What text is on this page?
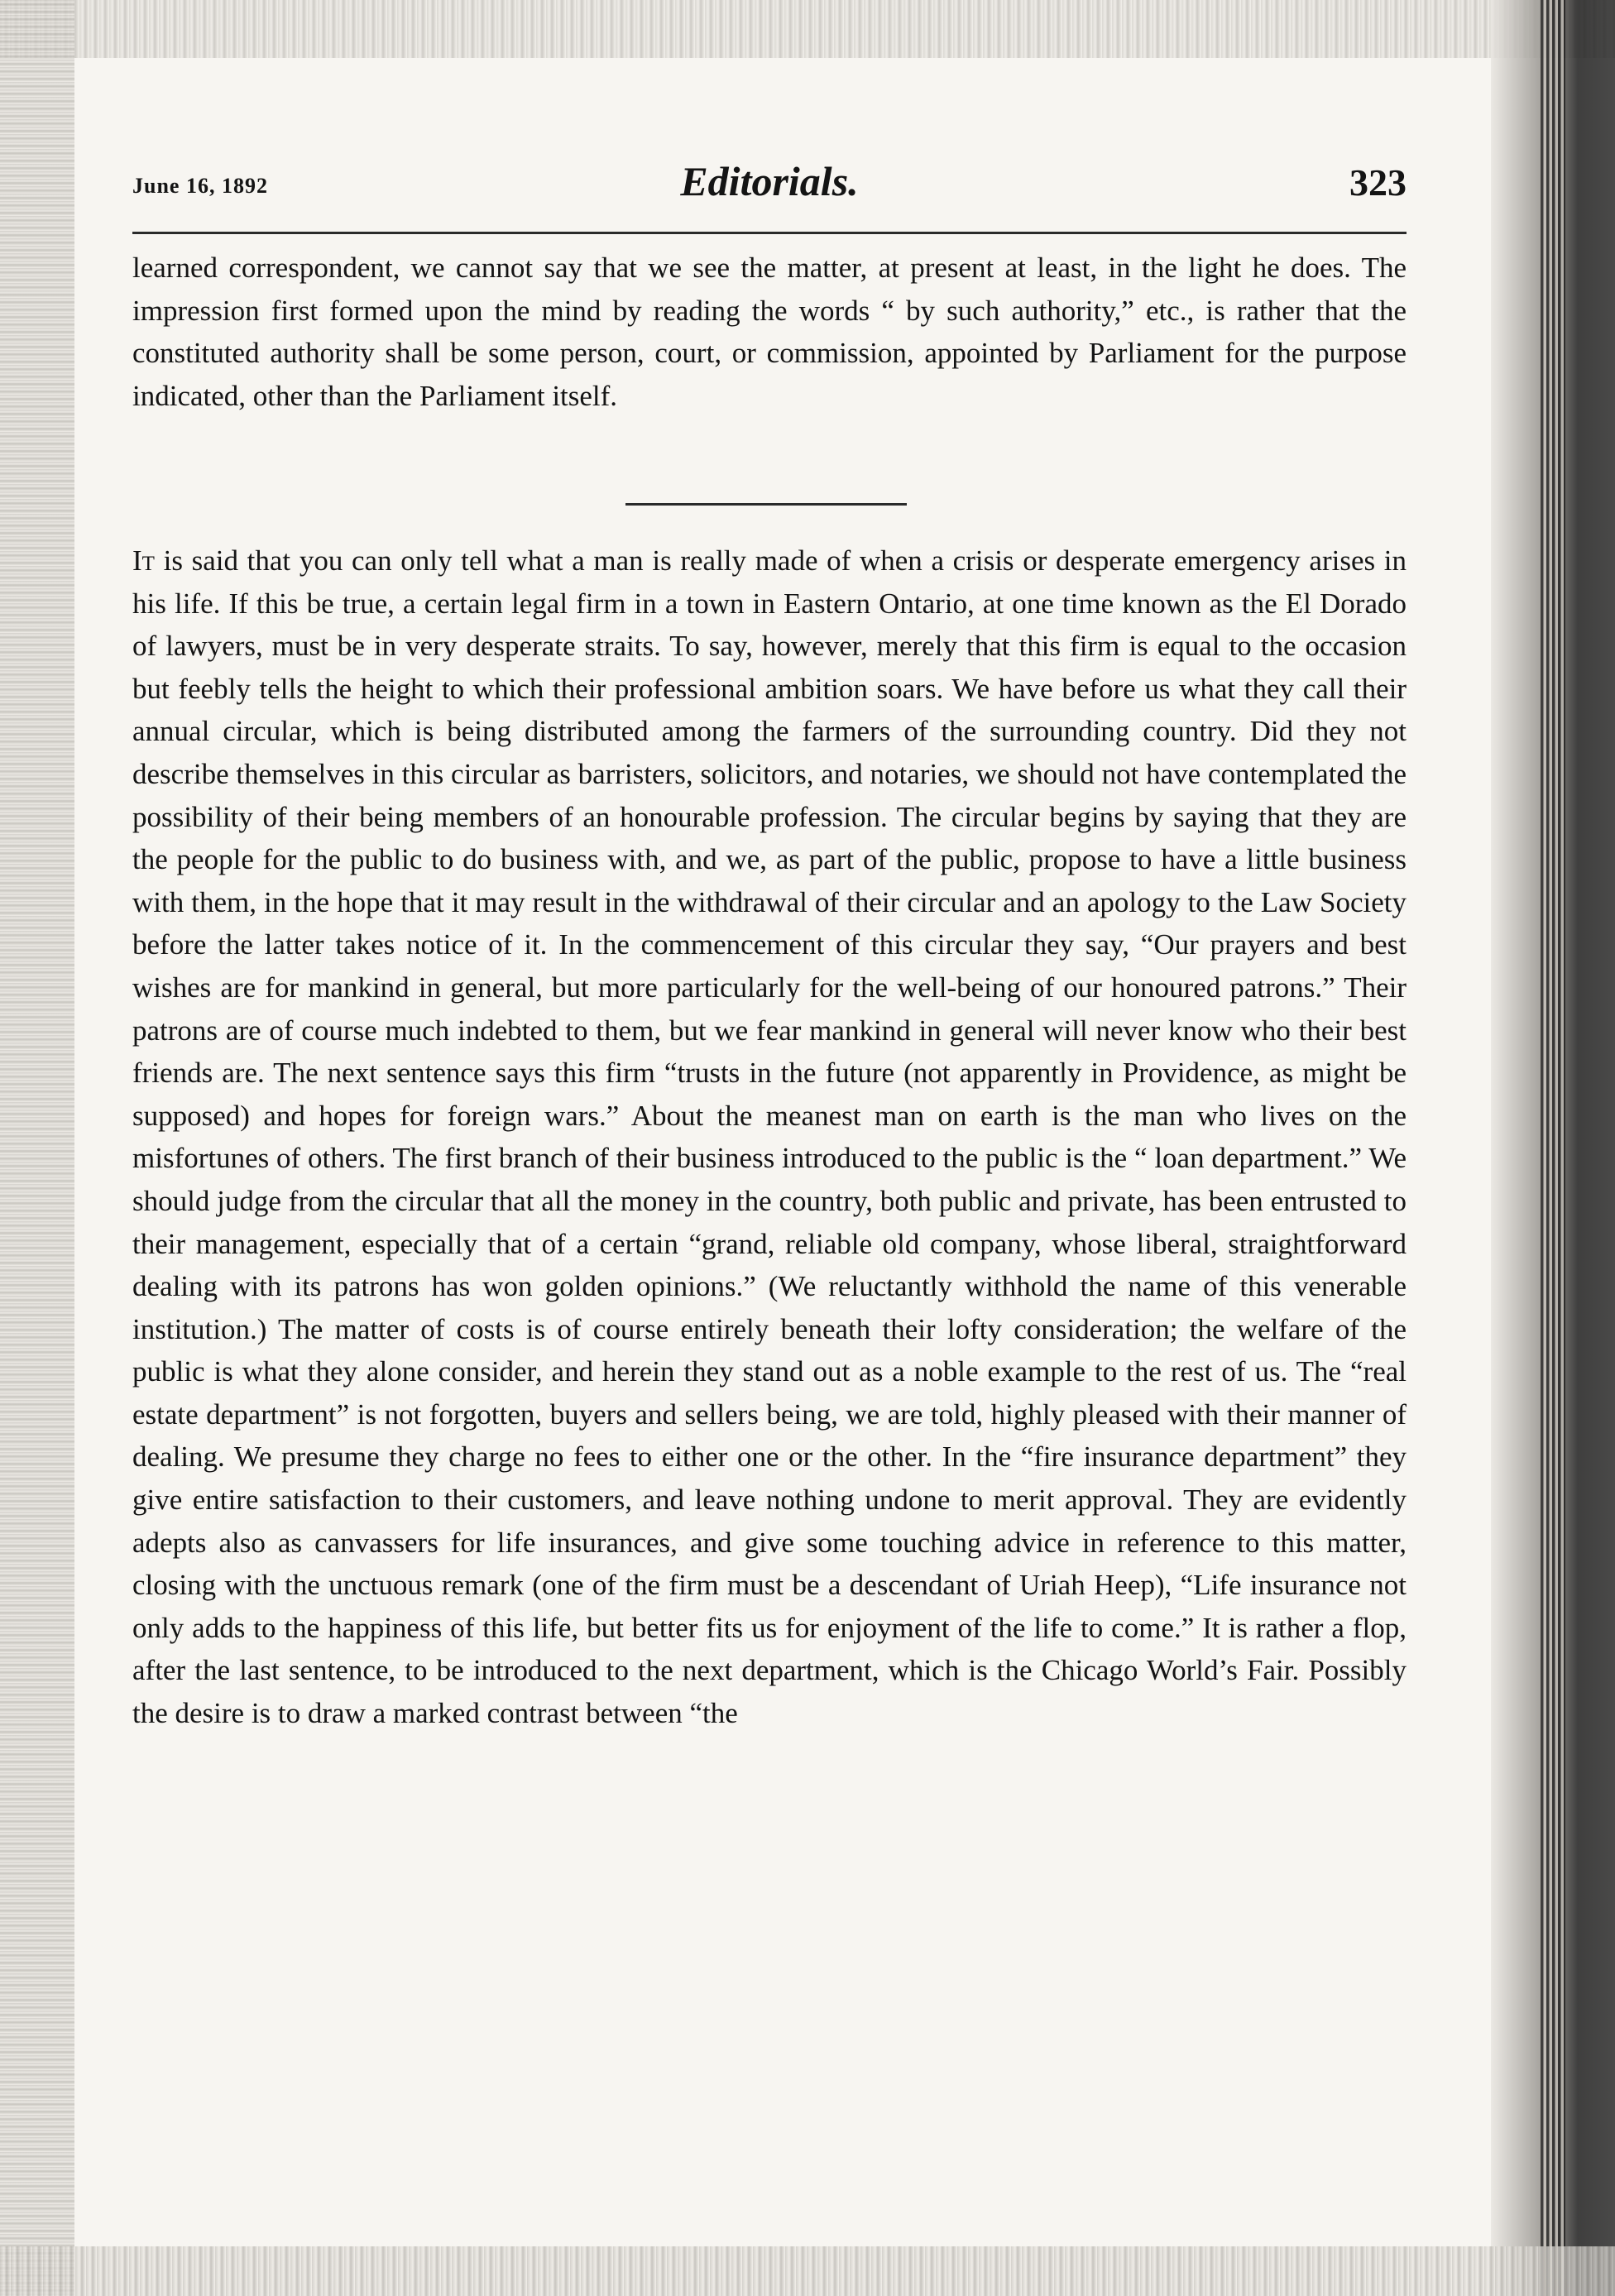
June 16, 1892	Editorials.	323

learned correspondent, we cannot say that we see the matter, at present at least, in the light he does. The impression first formed upon the mind by reading the words “ by such authority,” etc., is rather that the constituted authority shall be some person, court, or commission, appointed by Parliament for the purpose indicated, other than the Parliament itself.

It is said that you can only tell what a man is really made of when a crisis or desperate emergency arises in his life. If this be true, a certain legal firm in a town in Eastern Ontario, at one time known as the El Dorado of lawyers, must be in very desperate straits. To say, however, merely that this firm is equal to the occasion but feebly tells the height to which their professional ambition soars. We have before us what they call their annual circular, which is being distributed among the farmers of the surrounding country. Did they not describe themselves in this circular as barristers, solicitors, and notaries, we should not have contemplated the possibility of their being members of an honourable profession. The circular begins by saying that they are the people for the public to do business with, and we, as part of the public, propose to have a little business with them, in the hope that it may result in the withdrawal of their circular and an apology to the Law Society before the latter takes notice of it. In the commencement of this circular they say, “Our prayers and best wishes are for mankind in general, but more particularly for the well-being of our honoured patrons.” Their patrons are of course much indebted to them, but we fear mankind in general will never know who their best friends are. The next sentence says this firm “trusts in the future (not apparently in Providence, as might be supposed) and hopes for foreign wars.” About the meanest man on earth is the man who lives on the misfortunes of others. The first branch of their business introduced to the public is the “ loan department.” We should judge from the circular that all the money in the country, both public and private, has been entrusted to their management, especially that of a certain “grand, reliable old company, whose liberal, straightforward dealing with its patrons has won golden opinions.” (We reluctantly withhold the name of this venerable institution.) The matter of costs is of course entirely beneath their lofty consideration; the welfare of the public is what they alone consider, and herein they stand out as a noble example to the rest of us. The “real estate department” is not forgotten, buyers and sellers being, we are told, highly pleased with their manner of dealing. We presume they charge no fees to either one or the other. In the “fire insurance department” they give entire satisfaction to their customers, and leave nothing undone to merit approval. They are evidently adepts also as canvassers for life insurances, and give some touching advice in reference to this matter, closing with the unctuous remark (one of the firm must be a descendant of Uriah Heep), “Life insurance not only adds to the happiness of this life, but better fits us for enjoyment of the life to come.” It is rather a flop, after the last sentence, to be introduced to the next department, which is the Chicago World’s Fair. Possibly the desire is to draw a marked contrast between “the
